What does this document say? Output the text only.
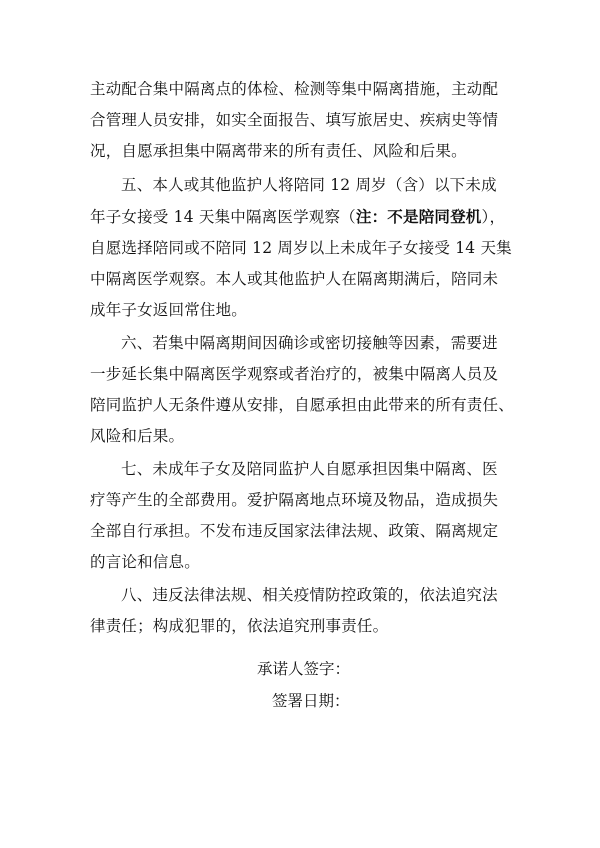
主动配合集中隔离点的体检、检测等集中隔离措施，主动配
合管理人员安排，如实全面报告、填写旅居史、疾病史等情
况，自愿承担集中隔离带来的所有责任、风险和后果。
五、本人或其他监护人将陪同 12 周岁（含）以下未成
年子女接受 14 天集中隔离医学观察（注：不是陪同登机），
自愿选择陪同或不陪同 12 周岁以上未成年子女接受 14 天集
中隔离医学观察。本人或其他监护人在隔离期满后，陪同未
成年子女返回常住地。
六、若集中隔离期间因确诊或密切接触等因素，需要进
一步延长集中隔离医学观察或者治疗的，被集中隔离人员及
陪同监护人无条件遵从安排，自愿承担由此带来的所有责任、
风险和后果。
七、未成年子女及陪同监护人自愿承担因集中隔离、医
疗等产生的全部费用。爱护隔离地点环境及物品，造成损失
全部自行承担。不发布违反国家法律法规、政策、隔离规定
的言论和信息。
八、违反法律法规、相关疫情防控政策的，依法追究法
律责任；构成犯罪的，依法追究刑事责任。
承诺人签字：
签署日期：
